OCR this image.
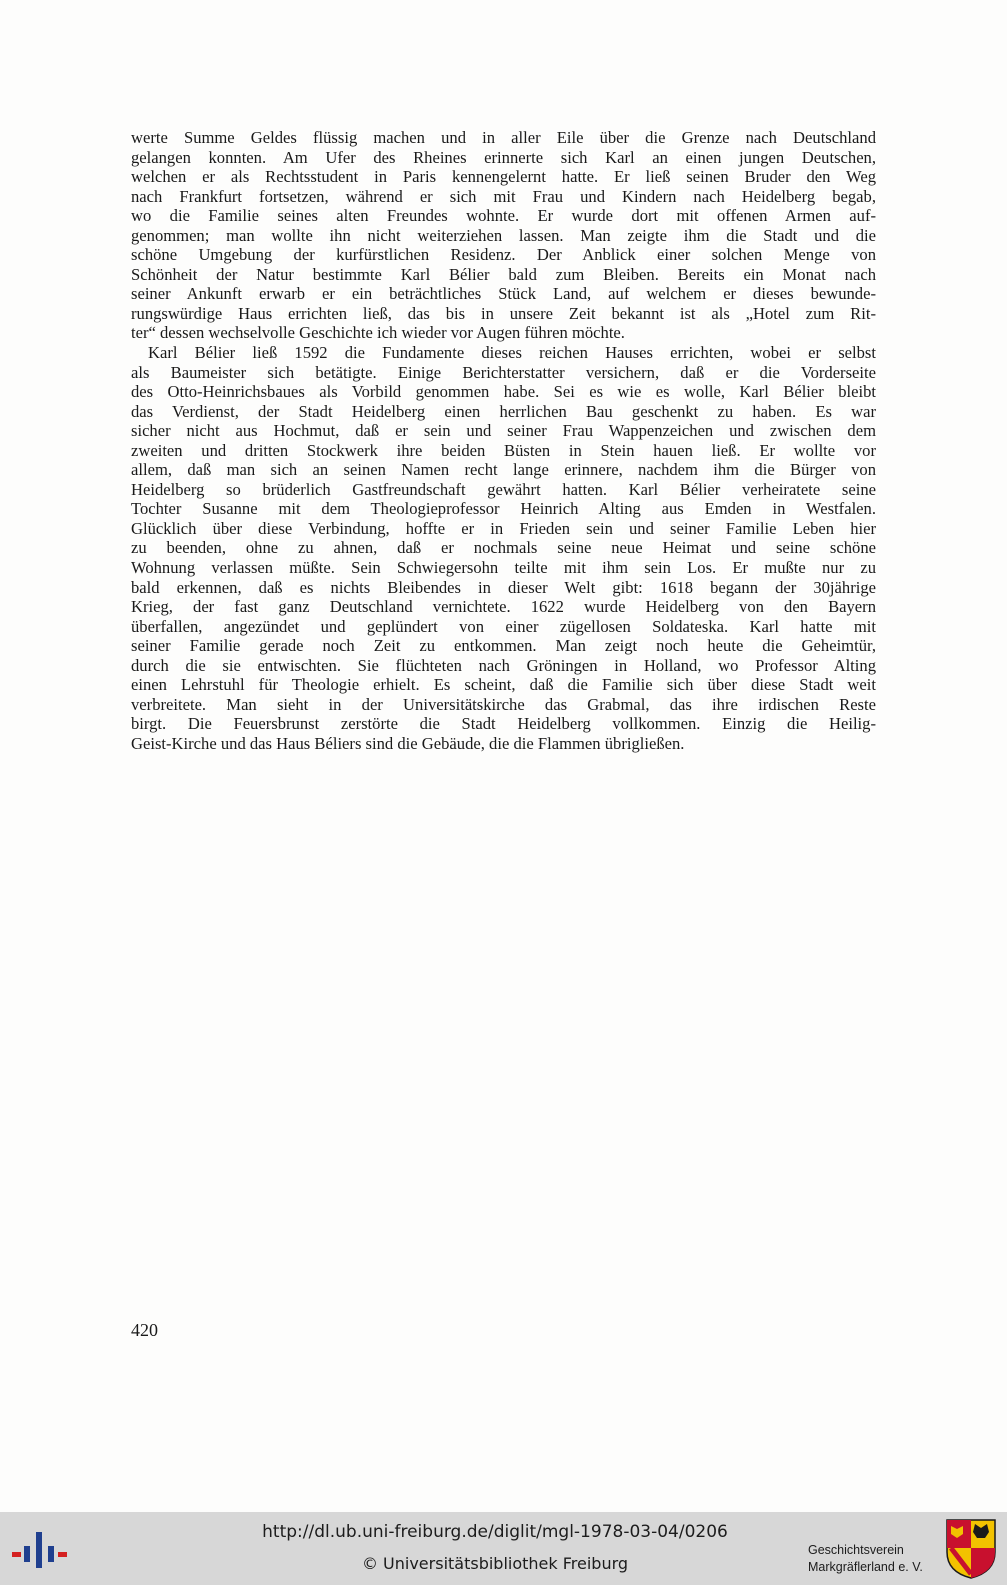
werte Summe Geldes flüssig machen und in aller Eile über die Grenze nach Deutschland
gelangen konnten. Am Ufer des Rheines erinnerte sich Karl an einen jungen Deutschen,
welchen er als Rechtsstudent in Paris kennengelernt hatte. Er ließ seinen Bruder den Weg
nach Frankfurt fortsetzen, während er sich mit Frau und Kindern nach Heidelberg begab,
wo die Familie seines alten Freundes wohnte. Er wurde dort mit offenen Armen auf-
genommen; man wollte ihn nicht weiterziehen lassen. Man zeigte ihm die Stadt und die
schöne Umgebung der kurfürstlichen Residenz. Der Anblick einer solchen Menge von
Schönheit der Natur bestimmte Karl Bélier bald zum Bleiben. Bereits ein Monat nach
seiner Ankunft erwarb er ein beträchtliches Stück Land, auf welchem er dieses bewunde-
rungswürdige Haus errichten ließ, das bis in unsere Zeit bekannt ist als „Hotel zum Rit-
ter“ dessen wechselvolle Geschichte ich wieder vor Augen führen möchte.
Karl Bélier ließ 1592 die Fundamente dieses reichen Hauses errichten, wobei er selbst
als Baumeister sich betätigte. Einige Berichterstatter versichern, daß er die Vorderseite
des Otto-Heinrichsbaues als Vorbild genommen habe. Sei es wie es wolle, Karl Bélier bleibt
das Verdienst, der Stadt Heidelberg einen herrlichen Bau geschenkt zu haben. Es war
sicher nicht aus Hochmut, daß er sein und seiner Frau Wappenzeichen und zwischen dem
zweiten und dritten Stockwerk ihre beiden Büsten in Stein hauen ließ. Er wollte vor
allem, daß man sich an seinen Namen recht lange erinnere, nachdem ihm die Bürger von
Heidelberg so brüderlich Gastfreundschaft gewährt hatten. Karl Bélier verheiratete seine
Tochter Susanne mit dem Theologieprofessor Heinrich Alting aus Emden in Westfalen.
Glücklich über diese Verbindung, hoffte er in Frieden sein und seiner Familie Leben hier
zu beenden, ohne zu ahnen, daß er nochmals seine neue Heimat und seine schöne
Wohnung verlassen müßte. Sein Schwiegersohn teilte mit ihm sein Los. Er mußte nur zu
bald erkennen, daß es nichts Bleibendes in dieser Welt gibt: 1618 begann der 30jährige
Krieg, der fast ganz Deutschland vernichtete. 1622 wurde Heidelberg von den Bayern
überfallen, angezündet und geplündert von einer zügellosen Soldateska. Karl hatte mit
seiner Familie gerade noch Zeit zu entkommen. Man zeigt noch heute die Geheimtür,
durch die sie entwischten. Sie flüchteten nach Gröningen in Holland, wo Professor Alting
einen Lehrstuhl für Theologie erhielt. Es scheint, daß die Familie sich über diese Stadt weit
verbreitete. Man sieht in der Universitätskirche das Grabmal, das ihre irdischen Reste
birgt. Die Feuersbrunst zerstörte die Stadt Heidelberg vollkommen. Einzig die Heilig-
Geist-Kirche und das Haus Béliers sind die Gebäude, die die Flammen übrigließen.
420
http://dl.ub.uni-freiburg.de/diglit/mgl-1978-03-04/0206
© Universitätsbibliothek Freiburg
Geschichtsverein
Markgräflerland e. V.
